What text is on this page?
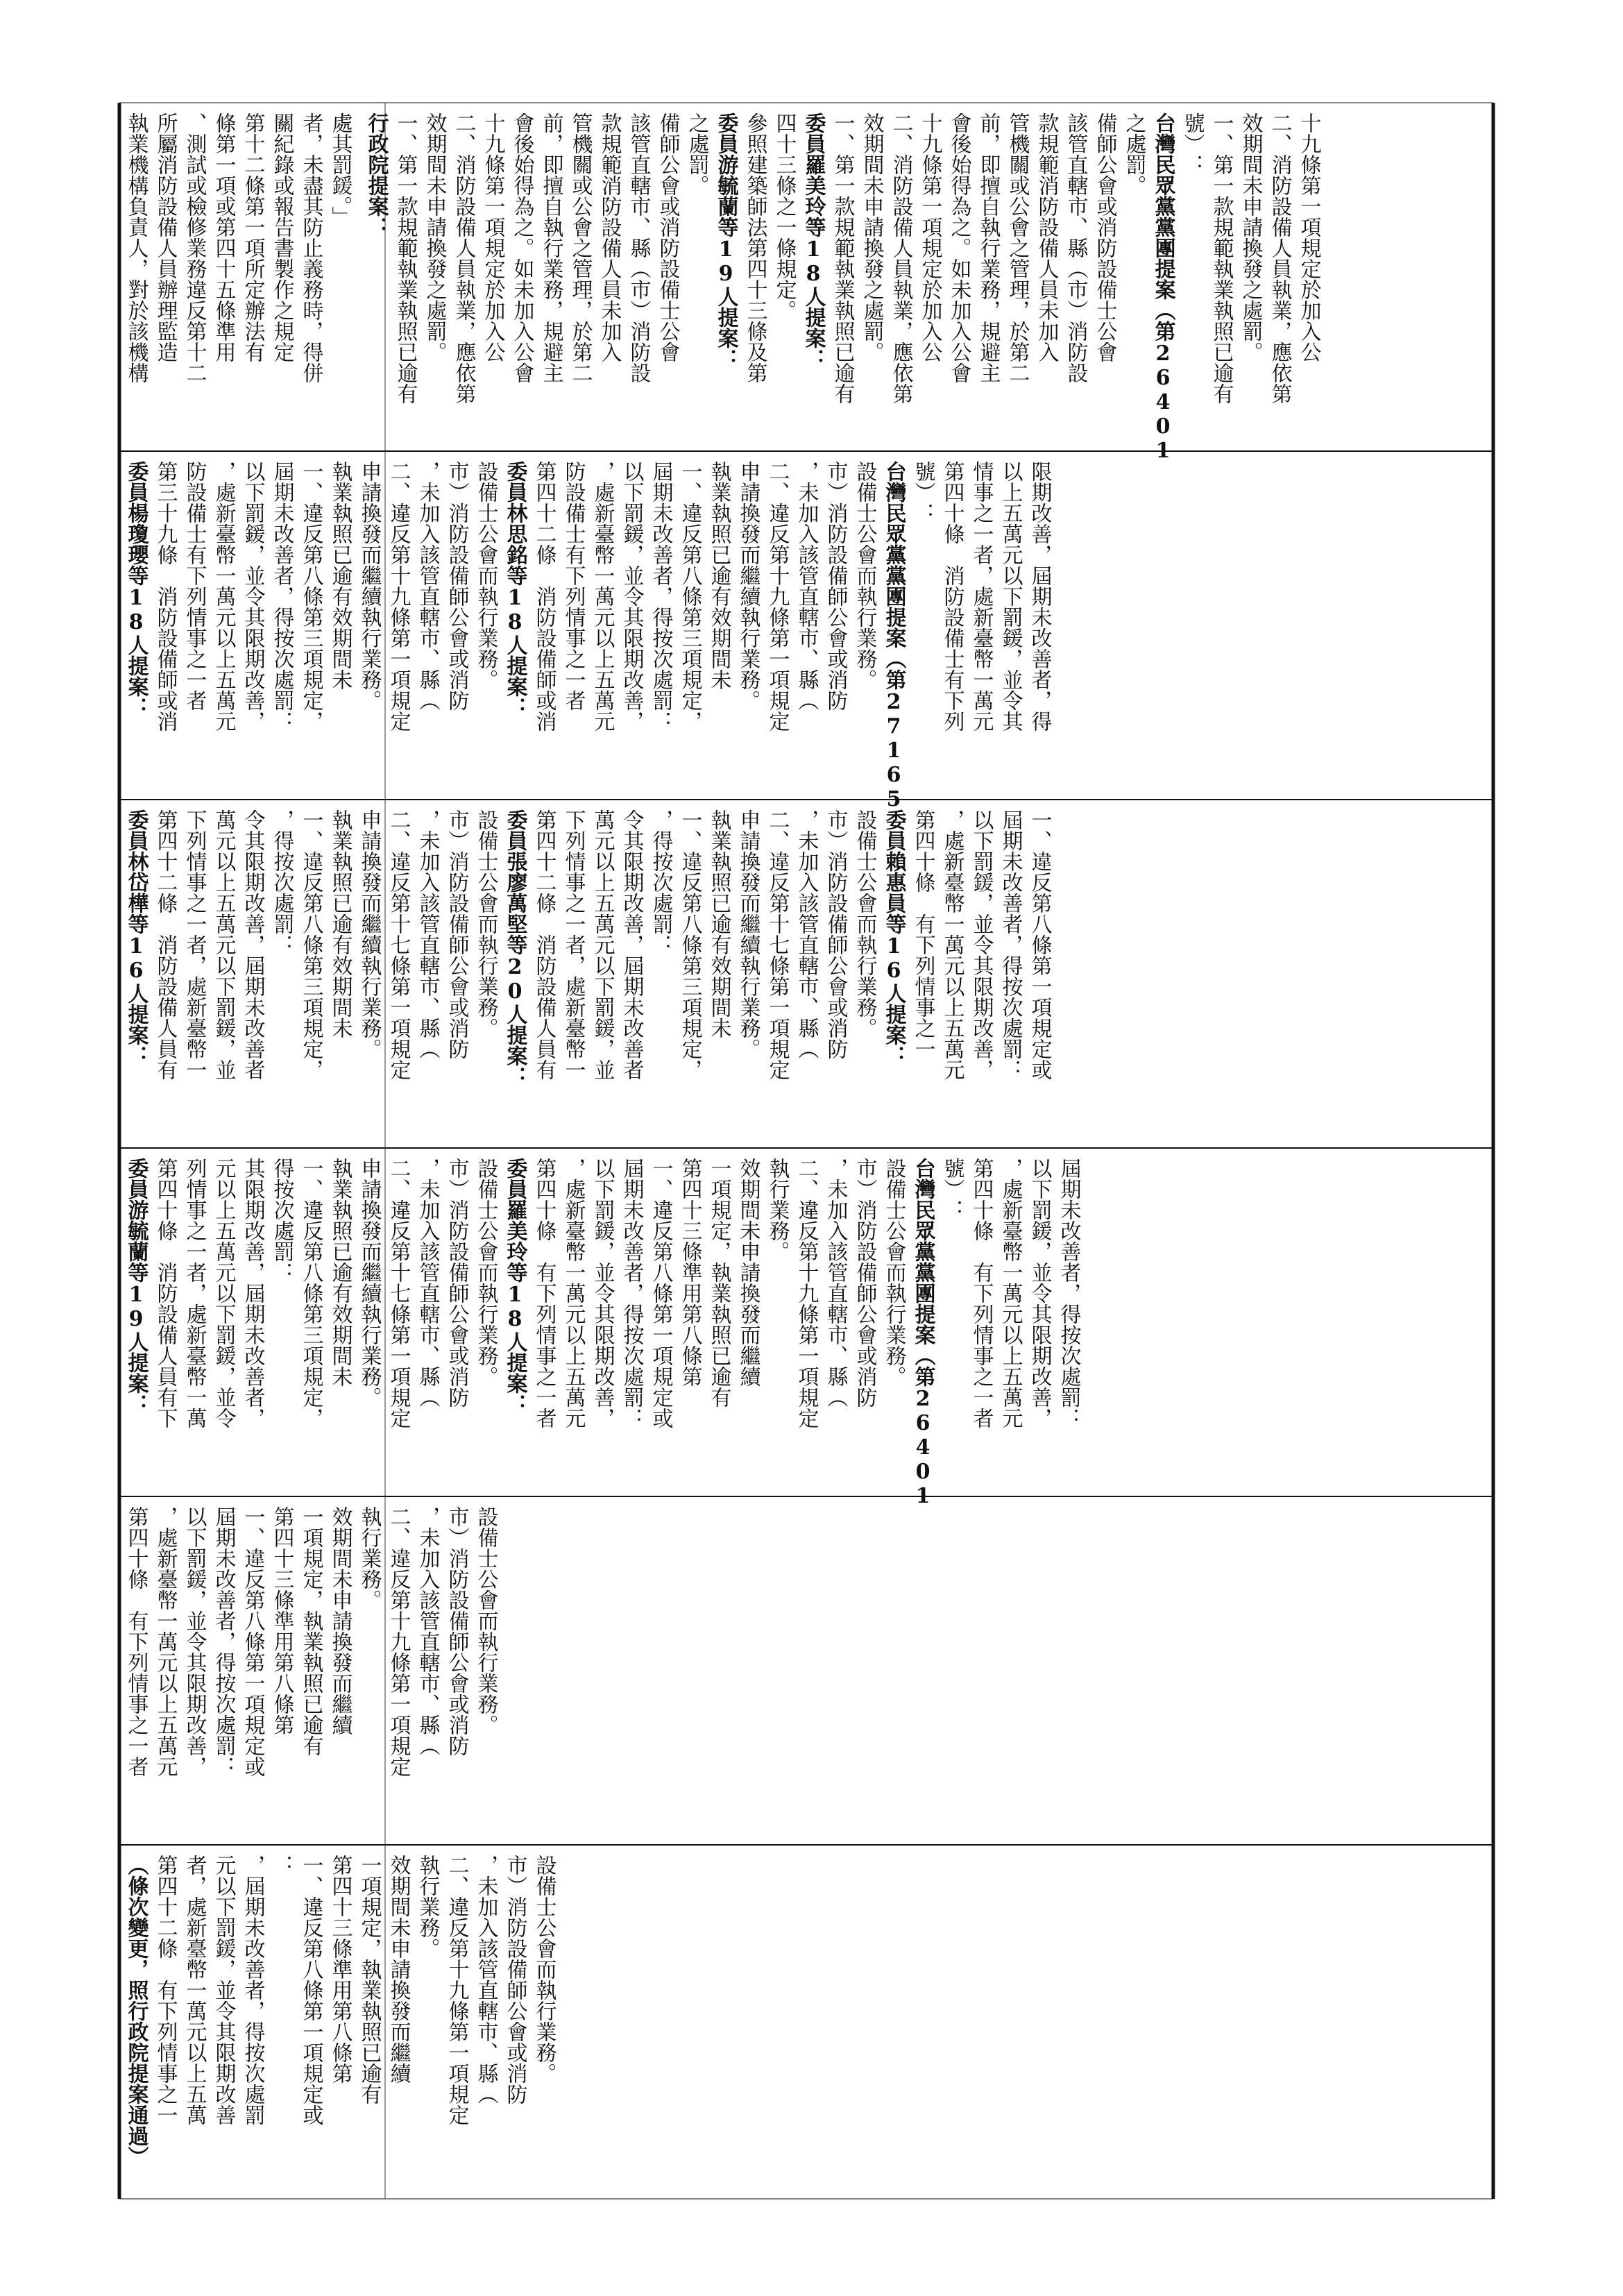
執業機構負責人，對於該機構 所屬消防設備人員辦理監造 、測試或檢修業務違反第十二 條第一項或第四十五條準用 第十二條第一項所定辦法有 關紀錄或報告書製作之規定 者，未盡其防止義務時，得併 處其罰鍰。」 行政院提案： 一、第一款規範執業執照已逾有 效期間未申請換發之處罰。 二、消防設備人員執業，應依第 十九條第一項規定於加入公 會後始得為之。如未加入公會 前，即擅自執行業務，規避主 管機關或公會之管理，於第二 款規範消防設備人員未加入 該管直轄市、縣（市）消防設 備師公會或消防設備士公會 之處罰。 委員游毓蘭等19人提案： 參照建築師法第四十三條及第 四十三條之一條規定。 委員羅美玲等18人提案： 一、第一款規範執業執照已逾有 效期間未申請換發之處罰。 二、消防設備人員執業，應依第 十九條第一項規定於加入公 會後始得為之。如未加入公會 前，即擅自執行業務，規避主 管機關或公會之管理，於第二 款規範消防設備人員未加入 該管直轄市、縣（市）消防設 備師公會或消防設備士公會 之處罰。 台灣民眾黨黨團提案（第26401 號）： 一、第一款規範執業執照已逾有 效期間未申請換發之處罰。 二、消防設備人員執業，應依第 十九條第一項規定於加入公
委員楊瓊瓔等18人提案： 第三十九條　消防設備師或消 防設備士有下列情事之一者 ，處新臺幣一萬元以上五萬元 以下罰鍰，並令其限期改善， 屆期未改善者，得按次處罰： 一、違反第八條第三項規定， 執業執照已逾有效期間未 申請換發而繼續執行業務。 二、違反第十九條第一項規定 ，未加入該管直轄市、縣（ 市）消防設備師公會或消防 設備士公會而執行業務。 委員林思銘等18人提案： 第四十二條　消防設備師或消 防設備士有下列情事之一者 ，處新臺幣一萬元以上五萬元 以下罰鍰，並令其限期改善， 屆期未改善者，得按次處罰： 一、違反第八條第三項規定， 執業執照已逾有效期間未 申請換發而繼續執行業務。 二、違反第十九條第一項規定 ，未加入該管直轄市、縣（ 市）消防設備師公會或消防 設備士公會而執行業務。 台灣民眾黨黨團提案（第27165 號）： 第四十條　消防設備士有下列 情事之一者，處新臺幣一萬元 以上五萬元以下罰鍰，並令其 限期改善，屆期未改善者，得
委員林岱樺等16人提案： 第四十二條　消防設備人員有 下列情事之一者，處新臺幣一 萬元以上五萬元以下罰鍰，並 令其限期改善，屆期未改善者 ，得按次處罰： 一、違反第八條第三項規定， 執業執照已逾有效期間未 申請換發而繼續執行業務。 二、違反第十七條第一項規定 ，未加入該管直轄市、縣（ 市）消防設備師公會或消防 設備士公會而執行業務。 委員張廖萬堅等20人提案： 第四十二條　消防設備人員有 下列情事之一者，處新臺幣一 萬元以上五萬元以下罰鍰，並 令其限期改善，屆期未改善者 ，得按次處罰： 一、違反第八條第三項規定， 執業執照已逾有效期間未 申請換發而繼續執行業務。 二、違反第十七條第一項規定 ，未加入該管直轄市、縣（ 市）消防設備師公會或消防 設備士公會而執行業務。 委員賴惠員等16人提案： 第四十條　有下列情事之一 ，處新臺幣一萬元以上五萬元 以下罰鍰，並令其限期改善， 屆期未改善者，得按次處罰： 一、違反第八條第一項規定或
委員游毓蘭等19人提案： 第四十條　消防設備人員有下 列情事之一者，處新臺幣一萬 元以上五萬元以下罰鍰，並令 其限期改善，屆期未改善者， 得按次處罰： 一、違反第八條第三項規定， 執業執照已逾有效期間未 申請換發而繼續執行業務。 二、違反第十七條第一項規定 ，未加入該管直轄市、縣（ 市）消防設備師公會或消防 設備士公會而執行業務。 委員羅美玲等18人提案： 第四十條　有下列情事之一者 ，處新臺幣一萬元以上五萬元 以下罰鍰，並令其限期改善， 屆期未改善者，得按次處罰： 一、違反第八條第一項規定或 第四十三條準用第八條第 一項規定，執業執照已逾有 效期間未申請換發而繼續 執行業務。 二、違反第十九條第一項規定 ，未加入該管直轄市、縣（ 市）消防設備師公會或消防 設備士公會而執行業務。 台灣民眾黨黨團提案（第26401 號）： 第四十條　有下列情事之一者 ，處新臺幣一萬元以上五萬元 以下罰鍰，並令其限期改善， 屆期未改善者，得按次處罰：
第四十條　有下列情事之一者 ，處新臺幣一萬元以上五萬元 以下罰鍰，並令其限期改善， 屆期未改善者，得按次處罰： 一、違反第八條第一項規定或 第四十三條準用第八條第 一項規定，執業執照已逾有 效期間未申請換發而繼續 執行業務。 二、違反第十九條第一項規定 ，未加入該管直轄市、縣（ 市）消防設備師公會或消防 設備士公會而執行業務。
（條次變更，照行政院提案通過） 第四十二條　有下列情事之一 者，處新臺幣一萬元以上五萬 元以下罰鍰，並令其限期改善 ，屆期未改善者，得按次處罰 ： 一、違反第八條第一項規定或 第四十三條準用第八條第 一項規定，執業執照已逾有 效期間未申請換發而繼續 執行業務。 二、違反第十九條第一項規定 ，未加入該管直轄市、縣（ 市）消防設備師公會或消防 設備士公會而執行業務。
